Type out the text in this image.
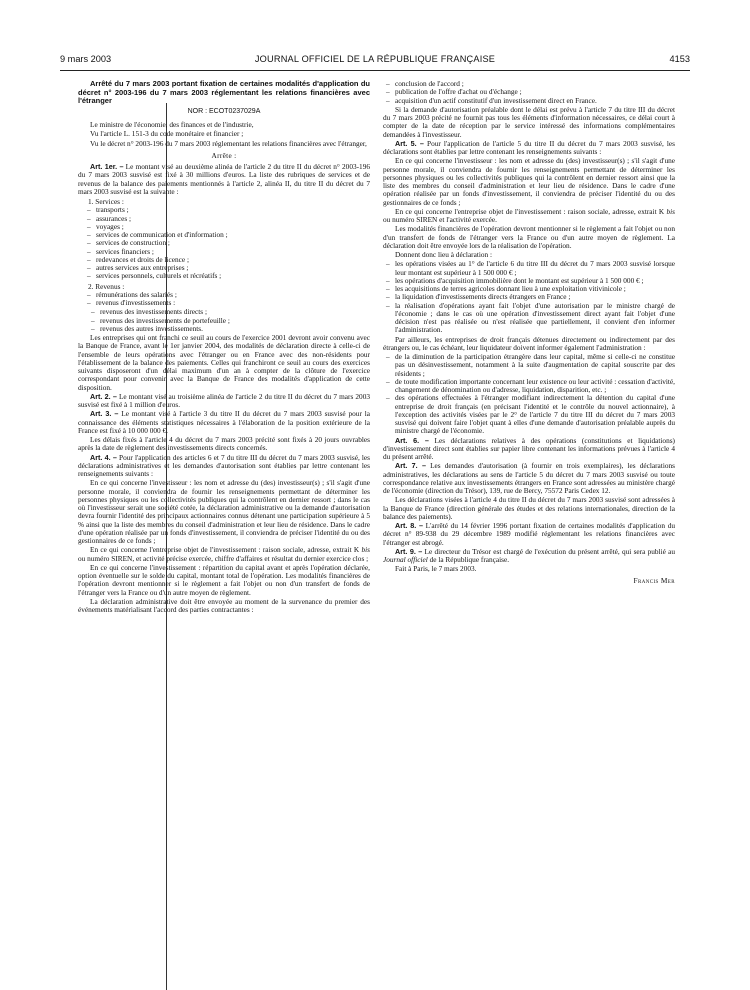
9 mars 2003	JOURNAL OFFICIEL DE LA RÉPUBLIQUE FRANÇAISE	4153

Arrêté du 7 mars 2003 portant fixation de certaines modalités d'application du décret n° 2003-196 du 7 mars 2003 réglementant les relations financières avec l'étranger

NOR : ECOT0237029A

Le ministre de l'économie, des finances et de l'industrie,

Vu l'article L. 151-3 du code monétaire et financier ;

Vu le décret n° 2003-196 du 7 mars 2003 réglementant les relations financières avec l'étranger,

Arrête :

Art. 1er. – Le montant visé au deuxième alinéa de l'article 2 du titre II du décret n° 2003-196 du 7 mars 2003 susvisé est fixé à 30 millions d'euros. La liste des rubriques de services et de revenus de la balance des paiements mentionnés à l'article 2, alinéa II, du titre II du décret du 7 mars 2003 susvisé est la suivante :

1. Services :
– transports ;
– assurances ;
– voyages ;
– services de communication et d'information ;
– services de construction ;
– services financiers ;
– redevances et droits de licence ;
– autres services aux entreprises ;
– services personnels, culturels et récréatifs ;
2. Revenus :
– rémunérations des salariés ;
– revenus d'investissements :
– revenus des investissements directs ;
– revenus des investissements de portefeuille ;
– revenus des autres investissements.

Les entreprises qui ont franchi ce seuil au cours de l'exercice 2001 devront avoir convenu avec la Banque de France, avant le 1er janvier 2004, des modalités de déclaration directe à celle-ci de l'ensemble de leurs opérations avec l'étranger ou en France avec des non-résidents pour l'établissement de la balance des paiements. Celles qui franchiront ce seuil au cours des exercices suivants disposeront d'un délai maximum d'un an à compter de la clôture de l'exercice correspondant pour convenir avec la Banque de France des modalités d'application de cette disposition.

Art. 2. – Le montant visé au troisième alinéa de l'article 2 du titre II du décret du 7 mars 2003 susvisé est fixé à 1 million d'euros.

Art. 3. – Le montant visé à l'article 3 du titre II du décret du 7 mars 2003 susvisé pour la connaissance des éléments statistiques nécessaires à l'élaboration de la position extérieure de la France est fixé à 10 000 000 €.

Les délais fixés à l'article 4 du décret du 7 mars 2003 précité sont fixés à 20 jours ouvrables après la date de règlement des investissements directs concernés.

Art. 4. – Pour l'application des articles 6 et 7 du titre III du décret du 7 mars 2003 susvisé, les déclarations administratives et les demandes d'autorisation sont établies par lettre contenant les renseignements suivants :

En ce qui concerne l'investisseur : les nom et adresse du (des) investisseur(s) ; s'il s'agit d'une personne morale, il conviendra de fournir les renseignements permettant de déterminer les personnes physiques ou les collectivités publiques qui la contrôlent en dernier ressort ; dans le cas où l'investisseur serait une société cotée, la déclaration administrative ou la demande d'autorisation devra fournir l'identité des principaux actionnaires connus détenant une participation supérieure à 5 % ainsi que la liste des membres du conseil d'administration et leur lieu de résidence. Dans le cadre d'une opération réalisée par un fonds d'investissement, il conviendra de préciser l'identité du ou des gestionnaires de ce fonds ;

En ce qui concerne l'entreprise objet de l'investissement : raison sociale, adresse, extrait K bis ou numéro SIREN, et activité précise exercée, chiffre d'affaires et résultat du dernier exercice clos ;

En ce qui concerne l'investissement : répartition du capital avant et après l'opération déclarée, option éventuelle sur le solde du capital, montant total de l'opération. Les modalités financières de l'opération devront mentionner si le règlement a fait l'objet ou non d'un transfert de fonds de l'étranger vers la France ou d'un autre moyen de règlement.

La déclaration administrative doit être envoyée au moment de la survenance du premier des événements matérialisant l'accord des parties contractantes :

– conclusion de l'accord ;
– publication de l'offre d'achat ou d'échange ;
– acquisition d'un actif constitutif d'un investissement direct en France.

Si la demande d'autorisation préalable dont le délai est prévu à l'article 7 du titre III du décret du 7 mars 2003 précité ne fournit pas tous les éléments d'information nécessaires, ce délai court à compter de la date de réception par le service intéressé des informations complémentaires demandées à l'investisseur.

Art. 5. – Pour l'application de l'article 5 du titre II du décret du 7 mars 2003 susvisé, les déclarations sont établies par lettre contenant les renseignements suivants :

En ce qui concerne l'investisseur : les nom et adresse du (des) investisseur(s) ; s'il s'agit d'une personne morale, il conviendra de fournir les renseignements permettant de déterminer les personnes physiques ou les collectivités publiques qui la contrôlent en dernier ressort ainsi que la liste des membres du conseil d'administration et leur lieu de résidence. Dans le cadre d'une opération réalisée par un fonds d'investissement, il conviendra de préciser l'identité du ou des gestionnaires de ce fonds ;

En ce qui concerne l'entreprise objet de l'investissement : raison sociale, adresse, extrait K bis ou numéro SIREN et l'activité exercée.

Les modalités financières de l'opération devront mentionner si le règlement a fait l'objet ou non d'un transfert de fonds de l'étranger vers la France ou d'un autre moyen de règlement. La déclaration doit être envoyée lors de la réalisation de l'opération.

Donnent donc lieu à déclaration :

– les opérations visées au 1° de l'article 6 du titre III du décret du 7 mars 2003 susvisé lorsque leur montant est supérieur à 1 500 000 € ;
– les opérations d'acquisition immobilière dont le montant est supérieur à 1 500 000 € ;
– les acquisitions de terres agricoles donnant lieu à une exploitation vitivinicole ;
– la liquidation d'investissements directs étrangers en France ;
– la réalisation d'opérations ayant fait l'objet d'une autorisation par le ministre chargé de l'économie ; dans le cas où une opération d'investissement direct ayant fait l'objet d'une décision n'est pas réalisée ou n'est réalisée que partiellement, il convient d'en informer l'administration.

Par ailleurs, les entreprises de droit français détenues directement ou indirectement par des étrangers ou, le cas échéant, leur liquidateur doivent informer également l'administration :

– de la diminution de la participation étrangère dans leur capital, même si celle-ci ne constitue pas un désinvestissement, notamment à la suite d'augmentation de capital souscrite par des résidents ;
– de toute modification importante concernant leur existence ou leur activité : cessation d'activité, changement de dénomination ou d'adresse, liquidation, disparition, etc. ;
– des opérations effectuées à l'étranger modifiant indirectement la détention du capital d'une entreprise de droit français (en précisant l'identité et le contrôle du nouvel actionnaire), à l'exception des activités visées par le 2° de l'article 7 du titre III du décret du 7 mars 2003 susvisé qui doivent faire l'objet quant à elles d'une demande d'autorisation préalable auprès du ministre chargé de l'économie.

Art. 6. – Les déclarations relatives à des opérations (constitutions et liquidations) d'investissement direct sont établies sur papier libre contenant les informations prévues à l'article 4 du présent arrêté.

Art. 7. – Les demandes d'autorisation (à fournir en trois exemplaires), les déclarations administratives, les déclarations au sens de l'article 5 du décret du 7 mars 2003 susvisé ou toute correspondance relative aux investissements étrangers en France sont adressées au ministère chargé de l'économie (direction du Trésor), 139, rue de Bercy, 75572 Paris Cedex 12.

Les déclarations visées à l'article 4 du titre II du décret du 7 mars 2003 susvisé sont adressées à la Banque de France (direction générale des études et des relations internationales, direction de la balance des paiements).

Art. 8. – L'arrêté du 14 février 1996 portant fixation de certaines modalités d'application du décret n° 89-938 du 29 décembre 1989 modifié réglementant les relations financières avec l'étranger est abrogé.

Art. 9. – Le directeur du Trésor est chargé de l'exécution du présent arrêté, qui sera publié au Journal officiel de la République française.

Fait à Paris, le 7 mars 2003.

Francis Mer
